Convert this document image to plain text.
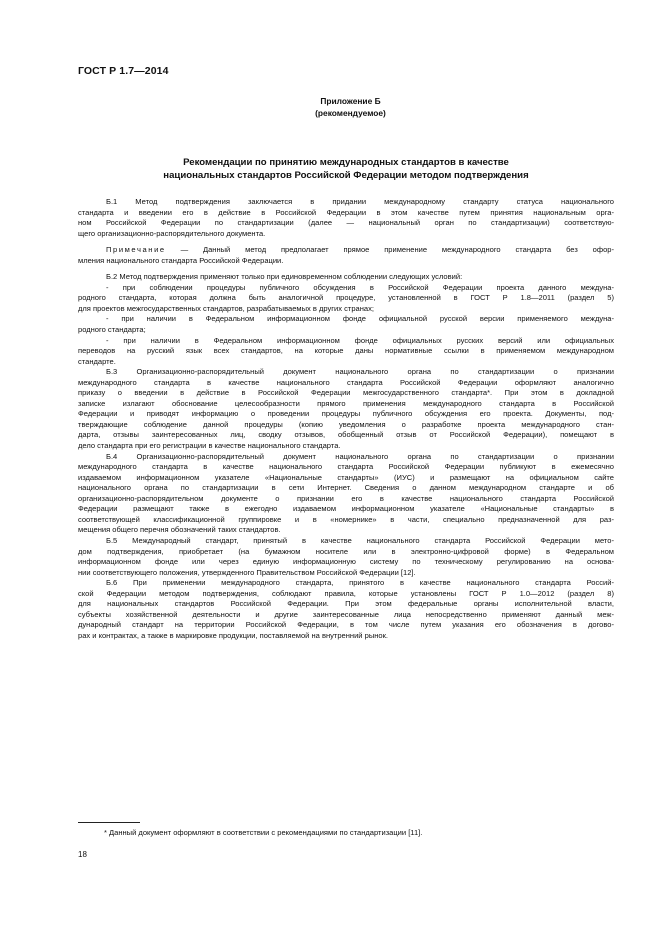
ГОСТ Р 1.7—2014
Приложение Б
(рекомендуемое)
Рекомендации по принятию международных стандартов в качестве
национальных стандартов Российской Федерации методом подтверждения
Б.1 Метод подтверждения заключается в придании международному стандарту статуса национального
стандарта и введении его в действие в Российской Федерации в этом качестве путем принятия национальным орга-
ном Российской Федерации по стандартизации (далее — национальный орган по стандартизации) соответствую-
щего организационно-распорядительного документа.
Примечание — Данный метод предполагает прямое применение международного стандарта без офор-
мления национального стандарта Российской Федерации.
Б.2 Метод подтверждения применяют только при единовременном соблюдении следующих условий:
- при соблюдении процедуры публичного обсуждения в Российской Федерации проекта данного междуна-
родного стандарта, которая должна быть аналогичной процедуре, установленной в ГОСТ Р 1.8—2011 (раздел 5)
для проектов межгосударственных стандартов, разрабатываемых в других странах;
- при наличии в Федеральном информационном фонде официальной русской версии применяемого междуна-
родного стандарта;
- при наличии в Федеральном информационном фонде официальных русских версий или официальных
переводов на русский язык всех стандартов, на которые даны нормативные ссылки в применяемом международном
стандарте.
Б.3 Организационно-распорядительный документ национального органа по стандартизации о признании
международного стандарта в качестве национального стандарта Российской Федерации оформляют аналогично
приказу о введении в действие в Российской Федерации межгосударственного стандарта*. При этом в докладной
записке излагают обоснование целесообразности прямого применения международного стандарта в Российской
Федерации и приводят информацию о проведении процедуры публичного обсуждения его проекта. Документы, под-
тверждающие соблюдение данной процедуры (копию уведомления о разработке проекта международного стан-
дарта, отзывы заинтересованных лиц, сводку отзывов, обобщенный отзыв от Российской Федерации), помещают в
дело стандарта при его регистрации в качестве национального стандарта.
Б.4 Организационно-распорядительный документ национального органа по стандартизации о признании
международного стандарта в качестве национального стандарта Российской Федерации публикуют в ежемесячно
издаваемом информационном указателе «Национальные стандарты» (ИУС) и размещают на официальном сайте
национального органа по стандартизации в сети Интернет. Сведения о данном международном стандарте и об
организационно-распорядительном документе о признании его в качестве национального стандарта Российской
Федерации размещают также в ежегодно издаваемом информационном указателе «Национальные стандарты» в
соответствующей классификационной группировке и в «номернике» в части, специально предназначенной для раз-
мещения общего перечня обозначений таких стандартов.
Б.5 Международный стандарт, принятый в качестве национального стандарта Российской Федерации мето-
дом подтверждения, приобретает (на бумажном носителе или в электронно-цифровой форме) в Федеральном
информационном фонде или через единую информационную систему по техническому регулированию на основа-
нии соответствующего положения, утвержденного Правительством Российской Федерации [12].
Б.6 При применении международного стандарта, принятого в качестве национального стандарта Россий-
ской Федерации методом подтверждения, соблюдают правила, которые установлены ГОСТ Р 1.0—2012 (раздел 8)
для национальных стандартов Российской Федерации. При этом федеральные органы исполнительной власти,
субъекты хозяйственной деятельности и другие заинтересованные лица непосредственно применяют данный меж-
дународный стандарт на территории Российской Федерации, в том числе путем указания его обозначения в догово-
рах и контрактах, а также в маркировке продукции, поставляемой на внутренний рынок.
* Данный документ оформляют в соответствии с рекомендациями по стандартизации [11].
18
